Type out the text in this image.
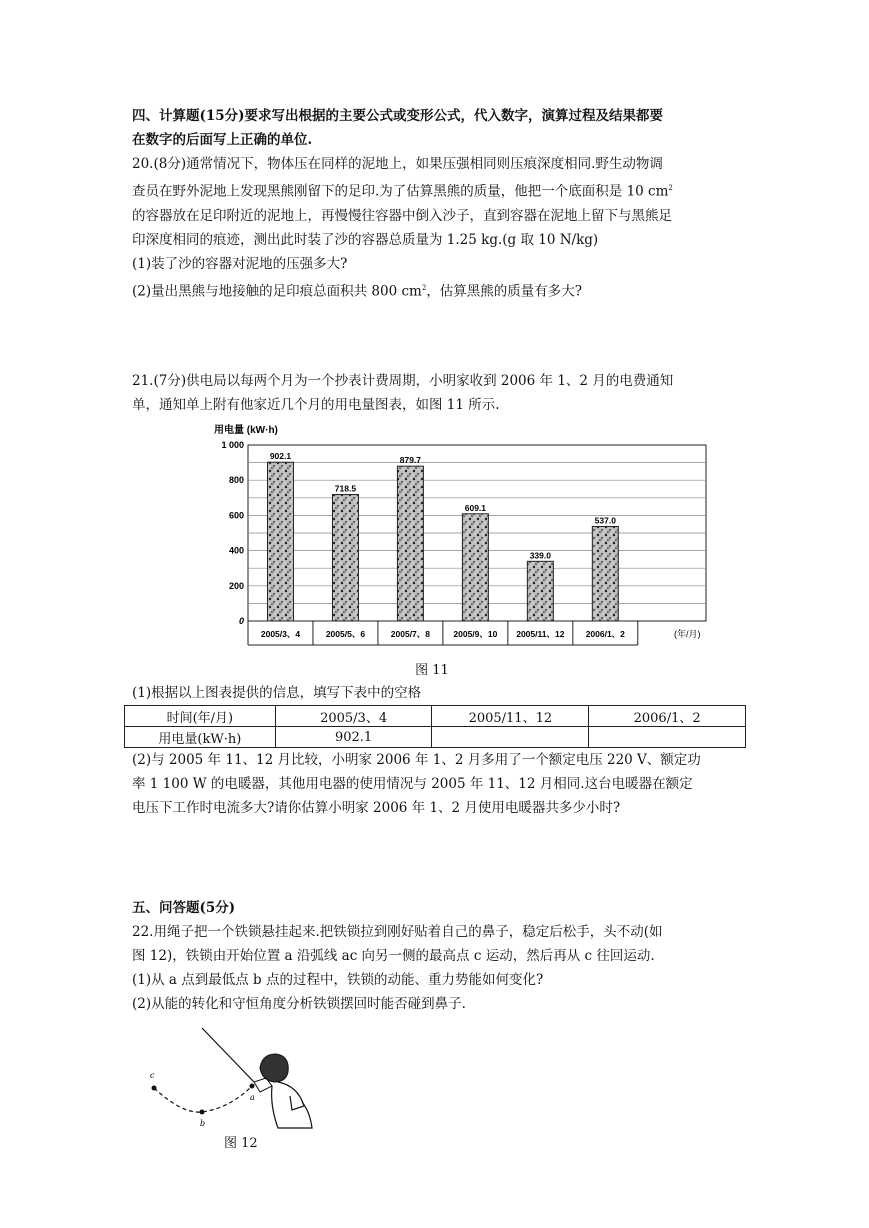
四、计算题(15分)要求写出根据的主要公式或变形公式，代入数字，演算过程及结果都要
在数字的后面写上正确的单位.
20.(8分)通常情况下，物体压在同样的泥地上，如果压强相同则压痕深度相同.野生动物调
查员在野外泥地上发现黑熊刚留下的足印.为了估算黑熊的质量，他把一个底面积是 10 $cm^2$
的容器放在足印附近的泥地上，再慢慢往容器中倒入沙子，直到容器在泥地上留下与黑熊足
印深度相同的痕迹，测出此时装了沙的容器总质量为 1.25 kg.(g 取 10 N/kg)
(1)装了沙的容器对泥地的压强多大?
(2)量出黑熊与地接触的足印痕总面积共 800 $cm^2$，估算黑熊的质量有多大?
21.(7分)供电局以每两个月为一个抄表计费周期，小明家收到 2006 年 1、2 月的电费通知
单，通知单上附有他家近几个月的用电量图表，如图 11 所示.
用电量 (kW·h)
0
200
400
600
800
1 000
902.1
718.5
879.7
609.1
339.0
537.0
2005/3、4	2005/5、6	2005/7、8	2005/9、10 2005/11、12 2006/1、2	(年/月)
图 11
(1)根据以上图表提供的信息，填写下表中的空格
时间(年/月)	2005/3、4	2005/11、12	2006/1、2
用电量(kW·h)	902.1		
(2)与 2005 年 11、12 月比较，小明家 2006 年 1、2 月多用了一个额定电压 220 V、额定功
率 1 100 W 的电暖器，其他用电器的使用情况与 2005 年 11、12 月相同.这台电暖器在额定
电压下工作时电流多大?请你估算小明家 2006 年 1、2 月使用电暖器共多少小时?
五、问答题(5分)
22.用绳子把一个铁锁悬挂起来.把铁锁拉到刚好贴着自己的鼻子，稳定后松手，头不动(如
图 12)，铁锁由开始位置 a 沿弧线 ac 向另一侧的最高点 c 运动，然后再从 c 往回运动.
(1)从 a 点到最低点 b 点的过程中，铁锁的动能、重力势能如何变化?
(2)从能的转化和守恒角度分析铁锁摆回时能否碰到鼻子.
c
a
b
图 12
